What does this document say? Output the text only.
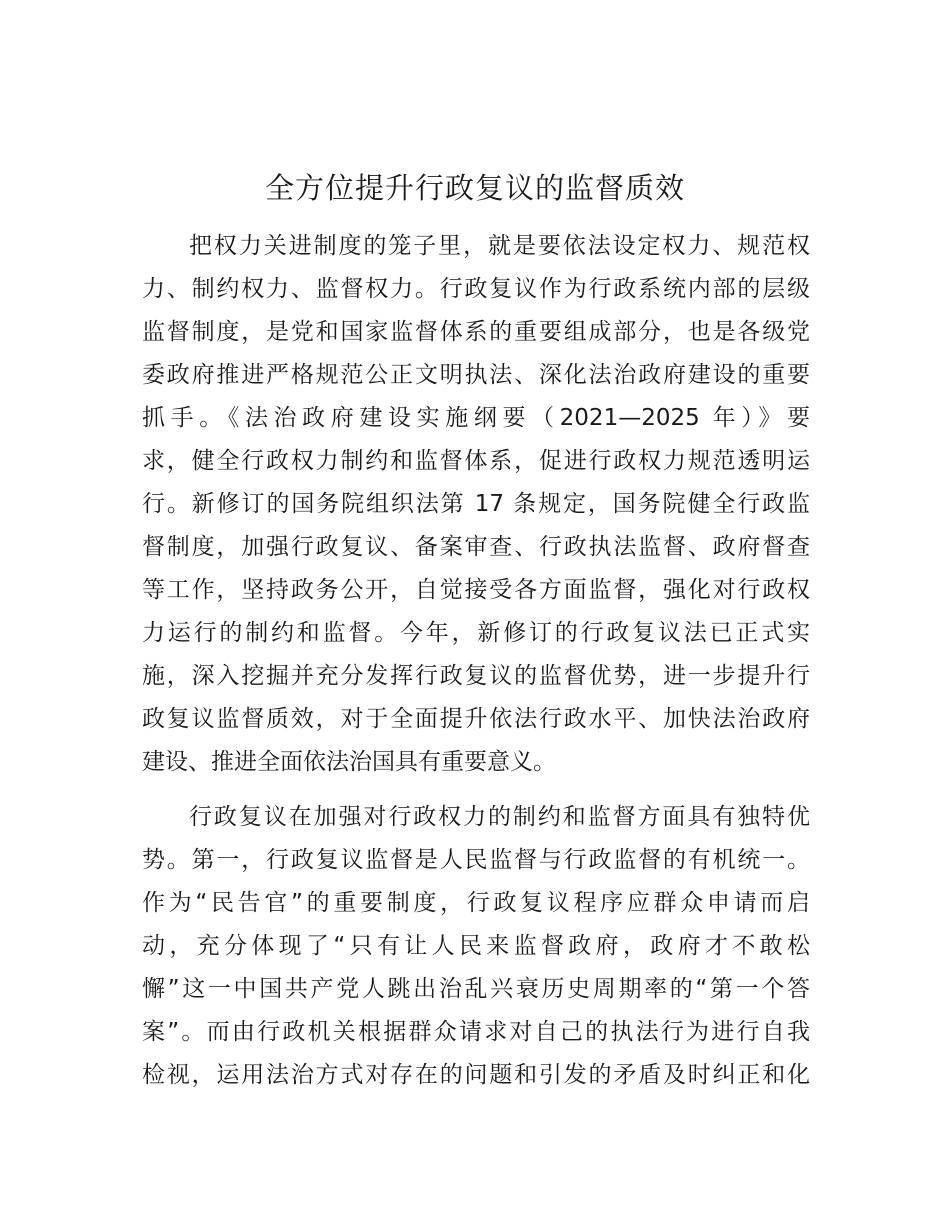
全方位提升行政复议的监督质效
把权力关进制度的笼子里，就是要依法设定权力、规范权
力、制约权力、监督权力。行政复议作为行政系统内部的层级
监督制度，是党和国家监督体系的重要组成部分，也是各级党
委政府推进严格规范公正文明执法、深化法治政府建设的重要
抓手。《法治政府建设实施纲要（2021—2025 年）》要
求，健全行政权力制约和监督体系，促进行政权力规范透明运
行。新修订的国务院组织法第 17 条规定，国务院健全行政监
督制度，加强行政复议、备案审查、行政执法监督、政府督查
等工作，坚持政务公开，自觉接受各方面监督，强化对行政权
力运行的制约和监督。今年，新修订的行政复议法已正式实
施，深入挖掘并充分发挥行政复议的监督优势，进一步提升行
政复议监督质效，对于全面提升依法行政水平、加快法治政府
建设、推进全面依法治国具有重要意义。
行政复议在加强对行政权力的制约和监督方面具有独特优
势。第一，行政复议监督是人民监督与行政监督的有机统一。
作为“民告官”的重要制度，行政复议程序应群众申请而启
动，充分体现了“只有让人民来监督政府，政府才不敢松
懈”这一中国共产党人跳出治乱兴衰历史周期率的“第一个答
案”。而由行政机关根据群众请求对自己的执法行为进行自我
检视，运用法治方式对存在的问题和引发的矛盾及时纠正和化
